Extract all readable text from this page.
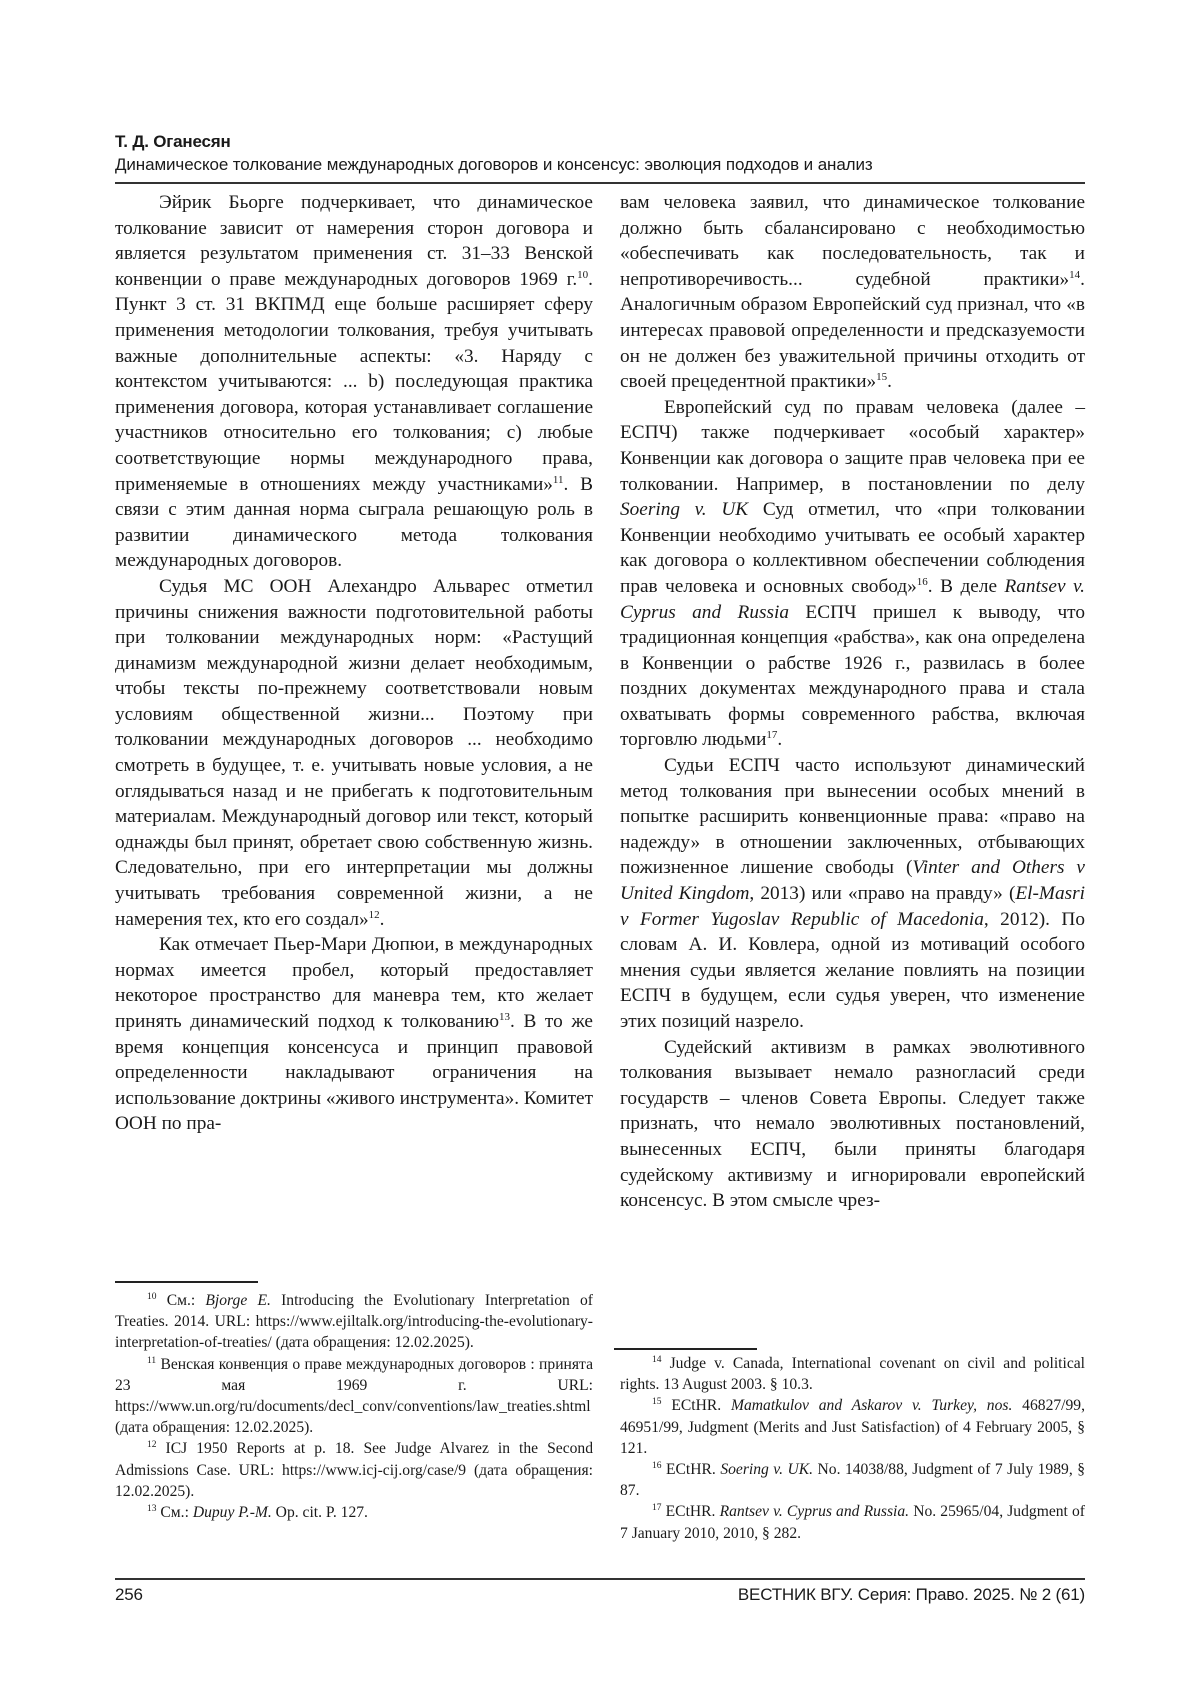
Т. Д. Оганесян
Динамическое толкование международных договоров и консенсус: эволюция подходов и анализ

Эйрик Бьорге подчеркивает, что динамическое толкование зависит от намерения сторон договора и является результатом применения ст. 31–33 Венской конвенции о праве международных договоров 1969 г.$^{10}$. Пункт 3 ст. 31 ВКПМД еще больше расширяет сферу применения методологии толкования, требуя учитывать важные дополнительные аспекты: «3. Наряду с контекстом учитываются: ... b) последующая практика применения договора, которая устанавливает соглашение участников относительно его толкования; c) любые соответствующие нормы международного права, применяемые в отношениях между участниками»$^{11}$. В связи с этим данная норма сыграла решающую роль в развитии динамического метода толкования международных договоров.

Судья МС ООН Алехандро Альварес отметил причины снижения важности подготовительной работы при толковании международных норм: «Растущий динамизм международной жизни делает необходимым, чтобы тексты по-прежнему соответствовали новым условиям общественной жизни... Поэтому при толковании международных договоров ... необходимо смотреть в будущее, т. е. учитывать новые условия, а не оглядываться назад и не прибегать к подготовительным материалам. Международный договор или текст, который однажды был принят, обретает свою собственную жизнь. Следовательно, при его интерпретации мы должны учитывать требования современной жизни, а не намерения тех, кто его создал»$^{12}$.

Как отмечает Пьер-Мари Дюпюи, в международных нормах имеется пробел, который предоставляет некоторое пространство для маневра тем, кто желает принять динамический подход к толкованию$^{13}$. В то же время концепция консенсуса и принцип правовой определенности накладывают ограничения на использование доктрины «живого инструмента». Комитет ООН по пра-

вам человека заявил, что динамическое толкование должно быть сбалансировано с необходимостью «обеспечивать как последовательность, так и непротиворечивость... судебной практики»$^{14}$. Аналогичным образом Европейский суд признал, что «в интересах правовой определенности и предсказуемости он не должен без уважительной причины отходить от своей прецедентной практики»$^{15}$.

Европейский суд по правам человека (далее – ЕСПЧ) также подчеркивает «особый характер» Конвенции как договора о защите прав человека при ее толковании. Например, в постановлении по делу Soering v. UK Суд отметил, что «при толковании Конвенции необходимо учитывать ее особый характер как договора о коллективном обеспечении соблюдения прав человека и основных свобод»$^{16}$. В деле Rantsev v. Cyprus and Russia ЕСПЧ пришел к выводу, что традиционная концепция «рабства», как она определена в Конвенции о рабстве 1926 г., развилась в более поздних документах международного права и стала охватывать формы современного рабства, включая торговлю людьми$^{17}$.

Судьи ЕСПЧ часто используют динамический метод толкования при вынесении особых мнений в попытке расширить конвенционные права: «право на надежду» в отношении заключенных, отбывающих пожизненное лишение свободы (Vinter and Others v United Kingdom, 2013) или «право на правду» (El-Masri v Former Yugoslav Republic of Macedonia, 2012). По словам А. И. Ковлера, одной из мотиваций особого мнения судьи является желание повлиять на позиции ЕСПЧ в будущем, если судья уверен, что изменение этих позиций назрело.

Судейский активизм в рамках эволютивного толкования вызывает немало разногласий среди государств – членов Совета Европы. Следует также признать, что немало эволютивных постановлений, вынесенных ЕСПЧ, были приняты благодаря судейскому активизму и игнорировали европейский консенсус. В этом смысле чрез-

$^{10}$ См.: Bjorge E. Introducing the Evolutionary Interpretation of Treaties. 2014. URL: https://www.ejiltalk.org/introducing-the-evolutionary-interpretation-of-treaties/ (дата обращения: 12.02.2025).

$^{11}$ Венская конвенция о праве международных договоров : принята 23 мая 1969 г. URL: https://www.un.org/ru/documents/decl_conv/conventions/law_treaties.shtml (дата обращения: 12.02.2025).

$^{12}$ ICJ 1950 Reports at p. 18. See Judge Alvarez in the Second Admissions Case. URL: https://www.icj-cij.org/case/9 (дата обращения: 12.02.2025).

$^{13}$ См.: Dupuy P.-M. Op. cit. P. 127.

$^{14}$ Judge v. Canada, International covenant on civil and political rights. 13 August 2003. § 10.3.

$^{15}$ ECtHR. Mamatkulov and Askarov v. Turkey, nos. 46827/99, 46951/99, Judgment (Merits and Just Satisfaction) of 4 February 2005, § 121.

$^{16}$ ECtHR. Soering v. UK. No. 14038/88, Judgment of 7 July 1989, § 87.

$^{17}$ ECtHR. Rantsev v. Cyprus and Russia. No. 25965/04, Judgment of 7 January 2010, 2010, § 282.

256	ВЕСТНИК ВГУ. Серия: Право. 2025. № 2 (61)
